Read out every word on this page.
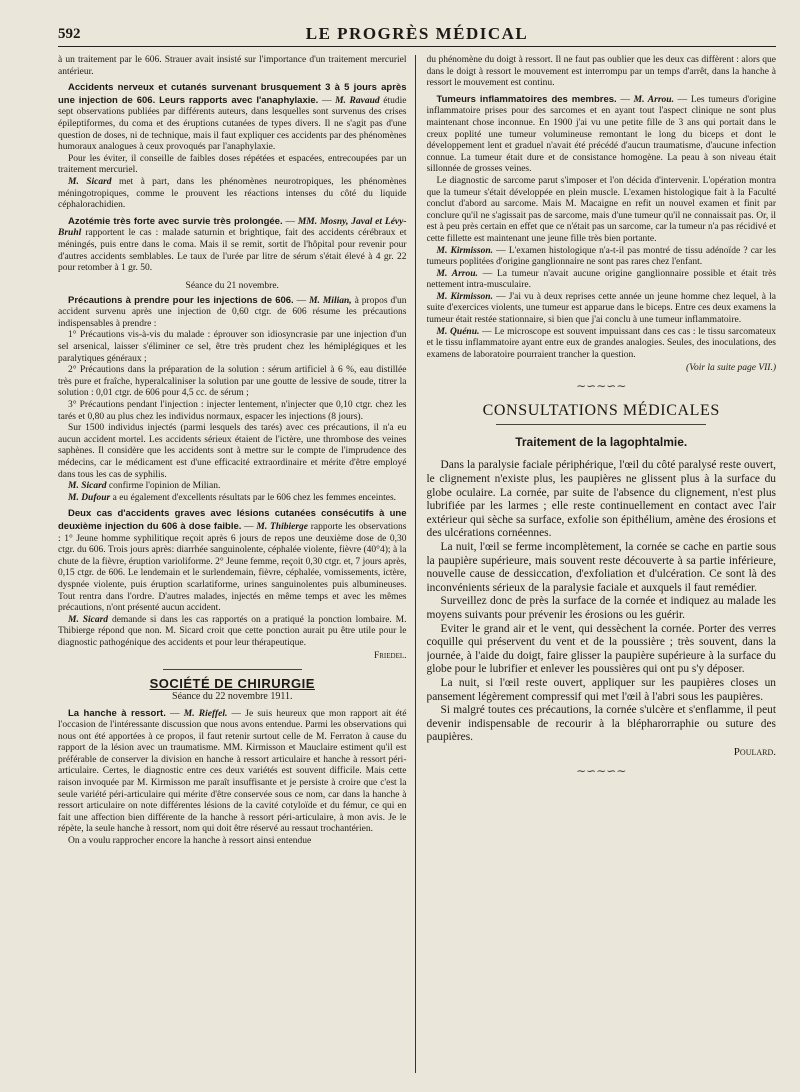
592	LE PROGRÈS MÉDICAL

à un traitement par le 606. Strauer avait insisté sur l'importance d'un traitement mercuriel antérieur.

Accidents nerveux et cutanés survenant brusquement 3 à 5 jours après une injection de 606. Leurs rapports avec l'anaphylaxie. — M. Ravaud étudie sept observations publiées par différents auteurs, dans lesquelles sont survenus des crises épileptiformes, du coma et des éruptions cutanées de types divers. Il ne s'agit pas d'une question de doses, ni de technique, mais il faut expliquer ces accidents par des phénomènes humoraux analogues à ceux provoqués par l'anaphylaxie.

Pour les éviter, il conseille de faibles doses répétées et espacées, entrecoupées par un traitement mercuriel.

M. Sicard met à part, dans les phénomènes neurotropiques, les phénomènes méningotropiques, comme le prouvent les réactions intenses du côté du liquide céphalorachidien.

Azotémie très forte avec survie très prolongée. — MM. Mosny, Javal et Lévy-Bruhl rapportent le cas : malade saturnin et brightique, fait des accidents cérébraux et méningés, puis entre dans le coma. Mais il se remit, sortit de l'hôpital pour revenir pour d'autres accidents semblables. Le taux de l'urée par litre de sérum s'était élevé à 4 gr. 22 pour retomber à 1 gr. 50.

Séance du 21 novembre.

Précautions à prendre pour les injections de 606. — M. Milian, à propos d'un accident survenu après une injection de 0,60 ctgr. de 606 résume les précautions indispensables à prendre :

1° Précautions vis-à-vis du malade : éprouver son idiosyncrasie par une injection d'un sel arsenical, laisser s'éliminer ce sel, être très prudent chez les hémiplégiques et les paralytiques généraux ;

2° Précautions dans la préparation de la solution : sérum artificiel à 6 %, eau distillée très pure et fraîche, hyperalcaliniser la solution par une goutte de lessive de soude, titrer la solution : 0,01 ctgr. de 606 pour 4,5 cc. de sérum ;

3° Précautions pendant l'injection : injecter lentement, n'injecter que 0,10 ctgr. chez les tarés et 0,80 au plus chez les individus normaux, espacer les injections (8 jours).

Sur 1500 individus injectés (parmi lesquels des tarés) avec ces précautions, il n'a eu aucun accident mortel. Les accidents sérieux étaient de l'ictère, une thrombose des veines saphènes. Il considère que les accidents sont à mettre sur le compte de l'imprudence des médecins, car le médicament est d'une efficacité extraordinaire et mérite d'être employé dans tous les cas de syphilis.

M. Sicard confirme l'opinion de Milian.

M. Dufour a eu également d'excellents résultats par le 606 chez les femmes enceintes.

Deux cas d'accidents graves avec lésions cutanées consécutifs à une deuxième injection du 606 à dose faible. — M. Thibierge rapporte les observations : 1° Jeune homme syphilitique reçoit après 6 jours de repos une deuxième dose de 0,30 ctgr. du 606. Trois jours après: diarrhée sanguinolente, céphalée violente, fièvre (40°4); à la chute de la fièvre, éruption varioliforme. 2° Jeune femme, reçoit 0,30 ctgr. et, 7 jours après, 0,15 ctgr. de 606. Le lendemain et le surlendemain, fièvre, céphalée, vomissements, ictère, dyspnée violente, puis éruption scarlatiforme, urines sanguinolentes puis albumineuses. Tout rentra dans l'ordre. D'autres malades, injectés en même temps et avec les mêmes précautions, n'ont présenté aucun accident.

M. Sicard demande si dans les cas rapportés on a pratiqué la ponction lombaire. M. Thibierge répond que non. M. Sicard croit que cette ponction aurait pu être utile pour le diagnostic pathogénique des accidents et pour leur thérapeutique.

Friedel.
SOCIÉTÉ DE CHIRURGIE
Séance du 22 novembre 1911.

La hanche à ressort. — M. Rieffel. — Je suis heureux que mon rapport ait été l'occasion de l'intéressante discussion que nous avons entendue. Parmi les observations qui nous ont été apportées à ce propos, il faut retenir surtout celle de M. Ferraton à cause du rapport de la lésion avec un traumatisme. MM. Kirmisson et Mauclaire estiment qu'il est préférable de conserver la division en hanche à ressort articulaire et hanche à ressort péri-articulaire. Certes, le diagnostic entre ces deux variétés est souvent difficile. Mais cette raison invoquée par M. Kirmisson me paraît insuffisante et je persiste à croire que c'est la seule variété péri-articulaire qui mérite d'être conservée sous ce nom, car dans la hanche à ressort articulaire on note différentes lésions de la cavité cotyloïde et du fémur, ce qui en fait une affection bien différente de la hanche à ressort péri-articulaire, à mon avis. Je le répète, la seule hanche à ressort, nom qui doit être réservé au ressaut trochantérien.

On a voulu rapprocher encore la hanche à ressort ainsi entendue

du phénomène du doigt à ressort. Il ne faut pas oublier que les deux cas diffèrent : alors que dans le doigt à ressort le mouvement est interrompu par un temps d'arrêt, dans la hanche à ressort le mouvement est continu.

Tumeurs inflammatoires des membres. — M. Arrou. — Les tumeurs d'origine inflammatoire prises pour des sarcomes et en ayant tout l'aspect clinique ne sont plus maintenant chose inconnue. En 1900 j'ai vu une petite fille de 3 ans qui portait dans le creux poplité une tumeur volumineuse remontant le long du biceps et dont le développement lent et graduel n'avait été précédé d'aucun traumatisme, d'aucune infection connue. La tumeur était dure et de consistance homogène. La peau à son niveau était sillonnée de grosses veines.

Le diagnostic de sarcome parut s'imposer et l'on décida d'intervenir. L'opération montra que la tumeur s'était développée en plein muscle. L'examen histologique fait à la Faculté conclut d'abord au sarcome. Mais M. Macaigne en refit un nouvel examen et finit par conclure qu'il ne s'agissait pas de sarcome, mais d'une tumeur qu'il ne connaissait pas. Or, il est à peu près certain en effet que ce n'était pas un sarcome, car la tumeur n'a pas récidivé et cette fillette est maintenant une jeune fille très bien portante.

M. Kirmisson. — L'examen histologique n'a-t-il pas montré de tissu adénoïde ? car les tumeurs poplitées d'origine ganglionnaire ne sont pas rares chez l'enfant.

M. Arrou. — La tumeur n'avait aucune origine ganglionnaire possible et était très nettement intra-musculaire.

M. Kirmisson. — J'ai vu à deux reprises cette année un jeune homme chez lequel, à la suite d'exercices violents, une tumeur est apparue dans le biceps. Entre ces deux examens la tumeur était restée stationnaire, si bien que j'ai conclu à une tumeur inflammatoire.

M. Quénu. — Le microscope est souvent impuissant dans ces cas : le tissu sarcomateux et le tissu inflammatoire ayant entre eux de grandes analogies. Seules, des inoculations, des examens de laboratoire pourraient trancher la question.

(Voir la suite page VII.)
∼∽∼∽∼
CONSULTATIONS MÉDICALES
Traitement de la lagophtalmie.

Dans la paralysie faciale périphérique, l'œil du côté paralysé reste ouvert, le clignement n'existe plus, les paupières ne glissent plus à la surface du globe oculaire. La cornée, par suite de l'absence du clignement, n'est plus lubrifiée par les larmes ; elle reste continuellement en contact avec l'air extérieur qui sèche sa surface, exfolie son épithélium, amène des érosions et des ulcérations cornéennes.

La nuit, l'œil se ferme incomplètement, la cornée se cache en partie sous la paupière supérieure, mais souvent reste découverte à sa partie inférieure, nouvelle cause de dessiccation, d'exfoliation et d'ulcération. Ce sont là des inconvénients sérieux de la paralysie faciale et auxquels il faut remédier.

Surveillez donc de près la surface de la cornée et indiquez au malade les moyens suivants pour prévenir les érosions ou les guérir.

Eviter le grand air et le vent, qui dessèchent la cornée. Porter des verres coquille qui préservent du vent et de la poussière ; très souvent, dans la journée, à l'aide du doigt, faire glisser la paupière supérieure à la surface du globe pour le lubrifier et enlever les poussières qui ont pu s'y déposer.

La nuit, si l'œil reste ouvert, appliquer sur les paupières closes un pansement légèrement compressif qui met l'œil à l'abri sous les paupières.

Si malgré toutes ces précautions, la cornée s'ulcère et s'enflamme, il peut devenir indispensable de recourir à la blépharorraphie ou suture des paupières.

Poulard.
∼∽∼∽∼
